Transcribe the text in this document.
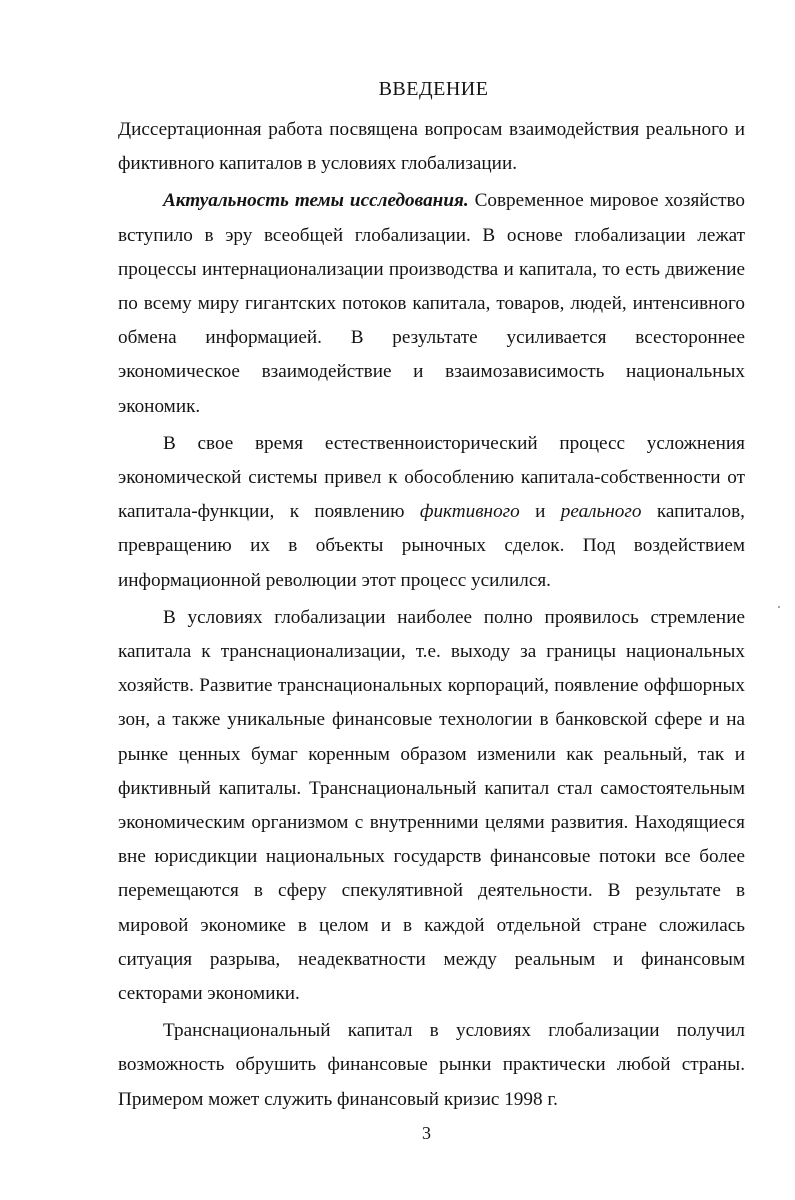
ВВЕДЕНИЕ

Диссертационная работа посвящена вопросам взаимодействия реального и фиктивного капиталов в условиях глобализации.

Актуальность темы исследования. Современное мировое хозяйство вступило в эру всеобщей глобализации. В основе глобализации лежат процессы интернационализации производства и капитала, то есть движение по всему миру гигантских потоков капитала, товаров, людей, интенсивного обмена информацией. В результате усиливается всестороннее экономическое взаимодействие и взаимозависимость национальных экономик.

В свое время естественноисторический процесс усложнения экономической системы привел к обособлению капитала-собственности от капитала-функции, к появлению фиктивного и реального капиталов, превращению их в объекты рыночных сделок. Под воздействием информационной революции этот процесс усилился.

В условиях глобализации наиболее полно проявилось стремление капитала к транснационализации, т.е. выходу за границы национальных хозяйств. Развитие транснациональных корпораций, появление оффшорных зон, а также уникальные финансовые технологии в банковской сфере и на рынке ценных бумаг коренным образом изменили как реальный, так и фиктивный капиталы. Транснациональный капитал стал самостоятельным экономическим организмом с внутренними целями развития. Находящиеся вне юрисдикции национальных государств финансовые потоки все более перемещаются в сферу спекулятивной деятельности. В результате в мировой экономике в целом и в каждой отдельной стране сложилась ситуация разрыва, неадекватности между реальным и финансовым секторами экономики.

Транснациональный капитал в условиях глобализации получил возможность обрушить финансовые рынки практически любой страны. Примером может служить финансовый кризис 1998 г.

3
